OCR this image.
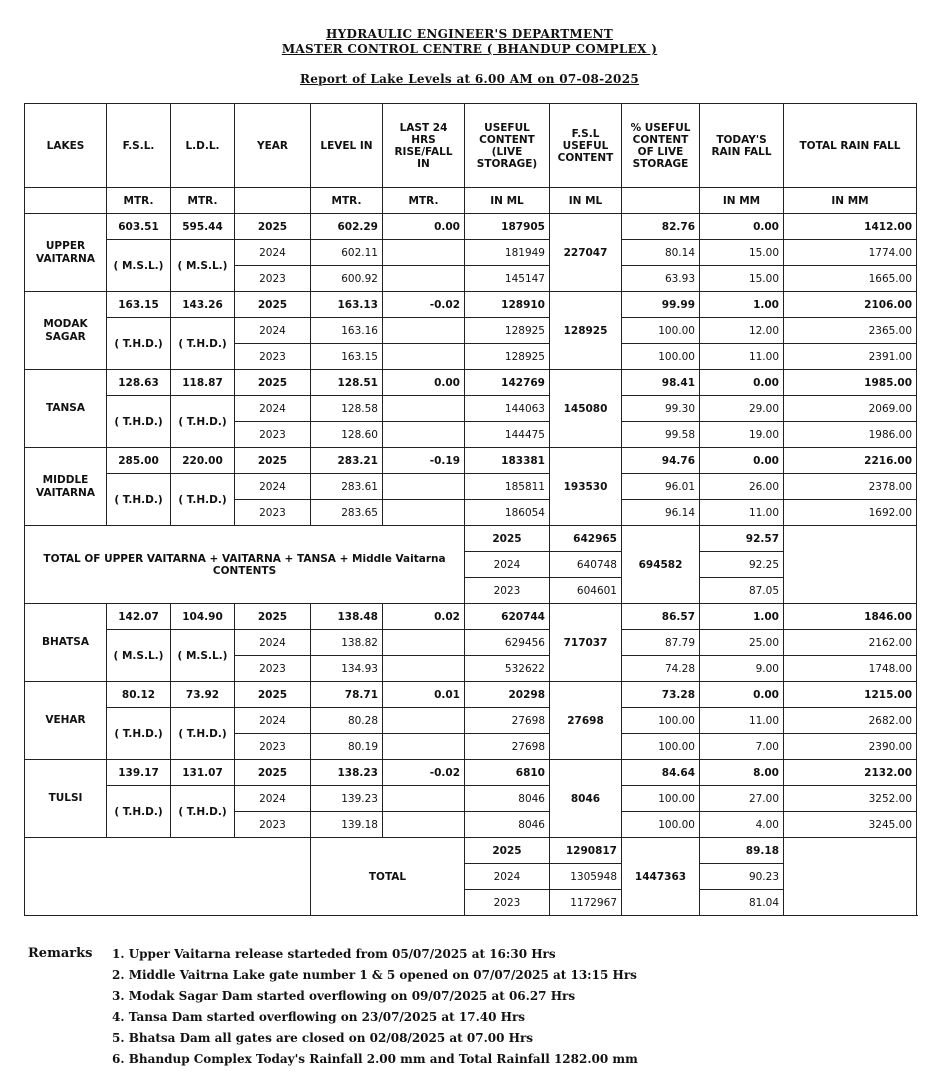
HYDRAULIC ENGINEER'S DEPARTMENT
MASTER CONTROL CENTRE ( BHANDUP COMPLEX )
Report of Lake Levels at 6.00 AM on 07-08-2025
LAKES	F.S.L.	L.D.L.	YEAR	LEVEL IN	LAST 24 HRS RISE/FALL IN	USEFUL CONTENT (LIVE STORAGE)	F.S.L USEFUL CONTENT	% USEFUL CONTENT OF LIVE STORAGE	TODAY'S RAIN FALL	TOTAL RAIN FALL
	MTR.	MTR.		MTR.	MTR.	IN ML	IN ML		IN MM	IN MM
UPPER VAITARNA	603.51	595.44	2025	602.29	0.00	187905	227047	82.76	0.00	1412.00
	( M.S.L.)	( M.S.L.)	2024	602.11		181949		80.14	15.00	1774.00
			2023	600.92		145147		63.93	15.00	1665.00
MODAK SAGAR	163.15	143.26	2025	163.13	-0.02	128910	128925	99.99	1.00	2106.00
	( T.H.D.)	( T.H.D.)	2024	163.16		128925		100.00	12.00	2365.00
			2023	163.15		128925		100.00	11.00	2391.00
TANSA	128.63	118.87	2025	128.51	0.00	142769	145080	98.41	0.00	1985.00
	( T.H.D.)	( T.H.D.)	2024	128.58		144063		99.30	29.00	2069.00
			2023	128.60		144475		99.58	19.00	1986.00
MIDDLE VAITARNA	285.00	220.00	2025	283.21	-0.19	183381	193530	94.76	0.00	2216.00
	( T.H.D.)	( T.H.D.)	2024	283.61		185811		96.01	26.00	2378.00
			2023	283.65		186054		96.14	11.00	1692.00
TOTAL OF UPPER VAITARNA + VAITARNA + TANSA + Middle Vaitarna CONTENTS						2025	642965	694582	92.57	
						2024	640748		92.25	
						2023	604601		87.05	
BHATSA	142.07	104.90	2025	138.48	0.02	620744	717037	86.57	1.00	1846.00
	( M.S.L.)	( M.S.L.)	2024	138.82		629456		87.79	25.00	2162.00
			2023	134.93		532622		74.28	9.00	1748.00
VEHAR	80.12	73.92	2025	78.71	0.01	20298	27698	73.28	0.00	1215.00
	( T.H.D.)	( T.H.D.)	2024	80.28		27698		100.00	11.00	2682.00
			2023	80.19		27698		100.00	7.00	2390.00
TULSI	139.17	131.07	2025	138.23	-0.02	6810	8046	84.64	8.00	2132.00
	( T.H.D.)	( T.H.D.)	2024	139.23		8046		100.00	27.00	3252.00
			2023	139.18		8046		100.00	4.00	3245.00
				TOTAL		2025	1290817	1447363	89.18	
						2024	1305948		90.23	
						2023	1172967		81.04	
Remarks 1. Upper Vaitarna release starteded from 05/07/2025 at 16:30 Hrs
2. Middle Vaitrna Lake gate number 1 & 5 opened on 07/07/2025 at 13:15 Hrs
3. Modak Sagar Dam started overflowing on 09/07/2025 at 06.27 Hrs
4. Tansa Dam started overflowing on 23/07/2025 at 17.40 Hrs
5. Bhatsa Dam all gates are closed on 02/08/2025 at 07.00 Hrs
6. Bhandup Complex Today's Rainfall 2.00 mm and Total Rainfall 1282.00 mm
